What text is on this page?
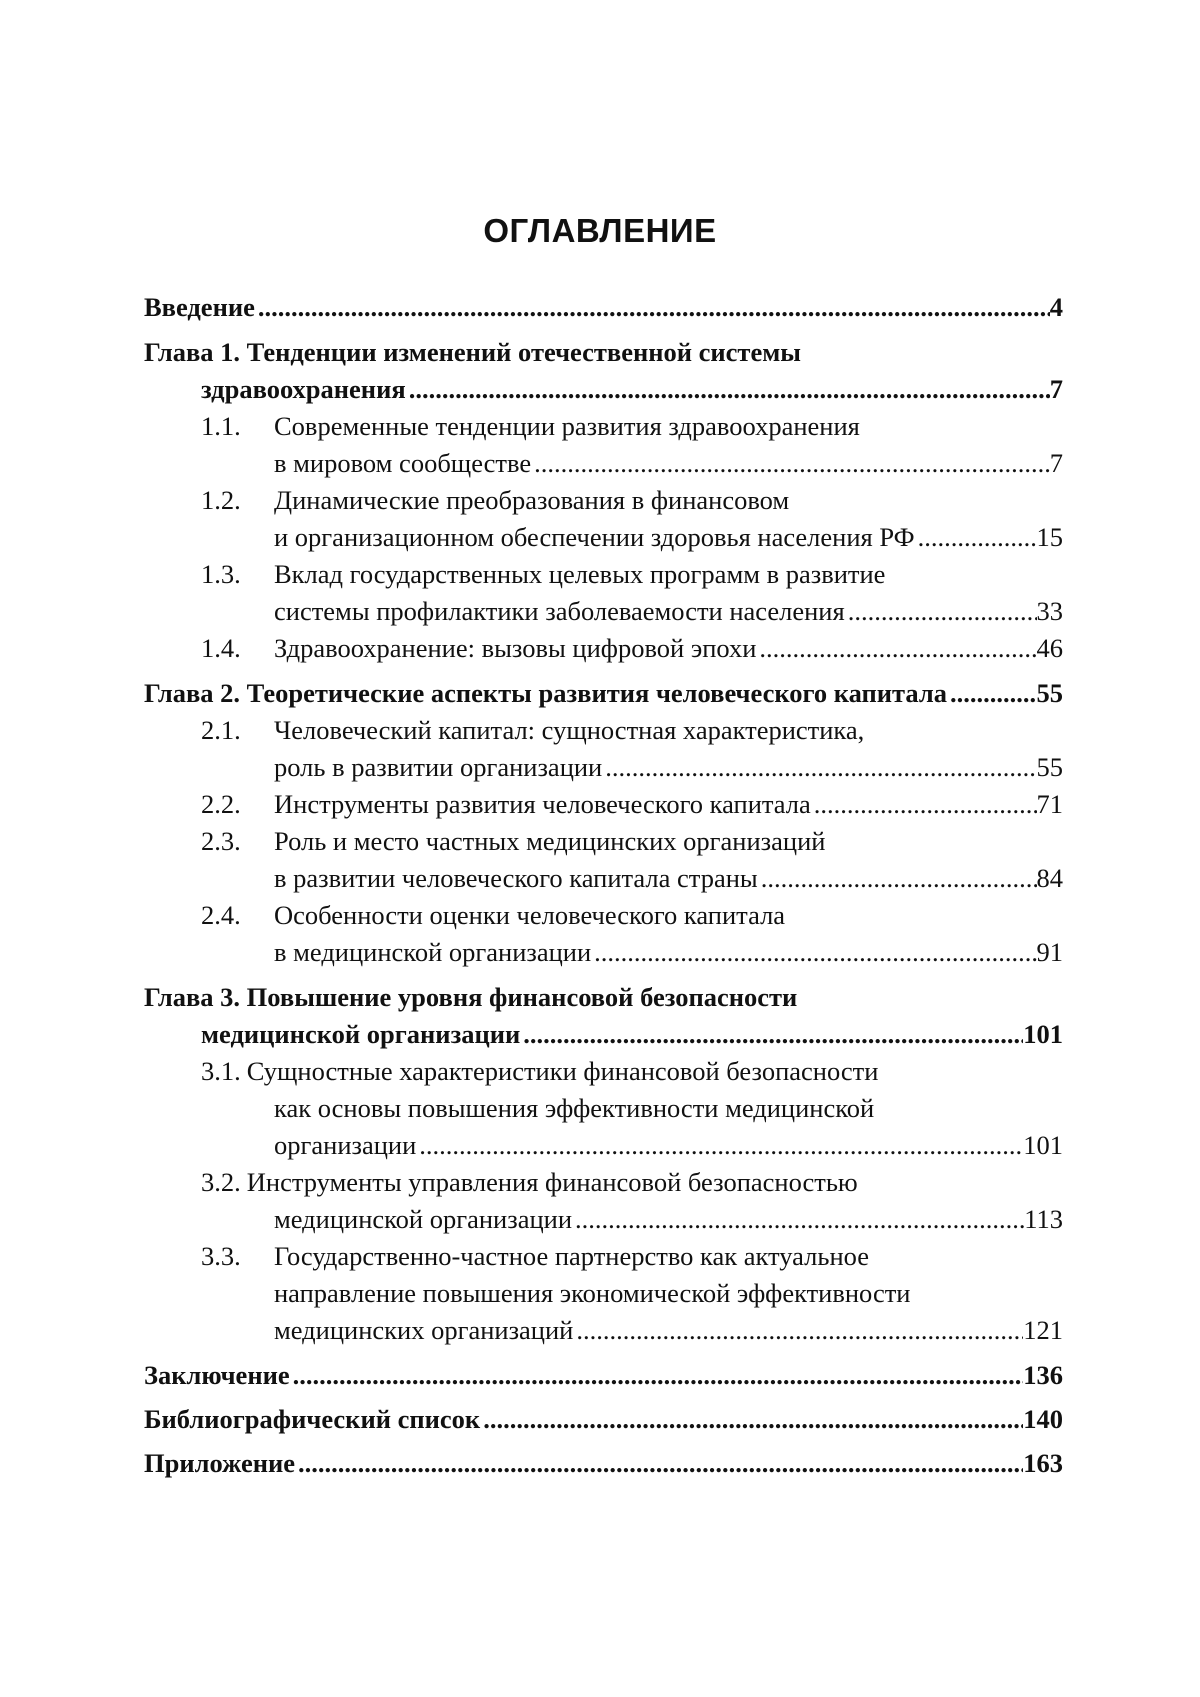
ОГЛАВЛЕНИЕ
Введение .....	4
Глава 1. Тенденции изменений отечественной системы
здравоохранения .....	7
1.1.	Современные тенденции развития здравоохранения
в мировом сообществе .....	7
1.2.	Динамические преобразования в финансовом
и организационном обеспечении здоровья населения РФ .....	15
1.3.	Вклад государственных целевых программ в развитие
системы профилактики заболеваемости населения .....	33
1.4.	Здравоохранение: вызовы цифровой эпохи .....	46
Глава 2. Теоретические аспекты развития человеческого капитала .....	55
2.1.	Человеческий капитал: сущностная характеристика,
роль в развитии организации .....	55
2.2.	Инструменты развития человеческого капитала .....	71
2.3.	Роль и место частных медицинских организаций
в развитии человеческого капитала страны .....	84
2.4.	Особенности оценки человеческого капитала
в медицинской организации .....	91
Глава 3. Повышение уровня финансовой безопасности
медицинской организации .....	101
3.1. Сущностные характеристики финансовой безопасности
как основы повышения эффективности медицинской
организации .....	101
3.2. Инструменты управления финансовой безопасностью
медицинской организации .....	113
3.3.	Государственно-частное партнерство как актуальное
направление повышения экономической эффективности
медицинских организаций .....	121
Заключение .....	136
Библиографический список .....	140
Приложение .....	163
